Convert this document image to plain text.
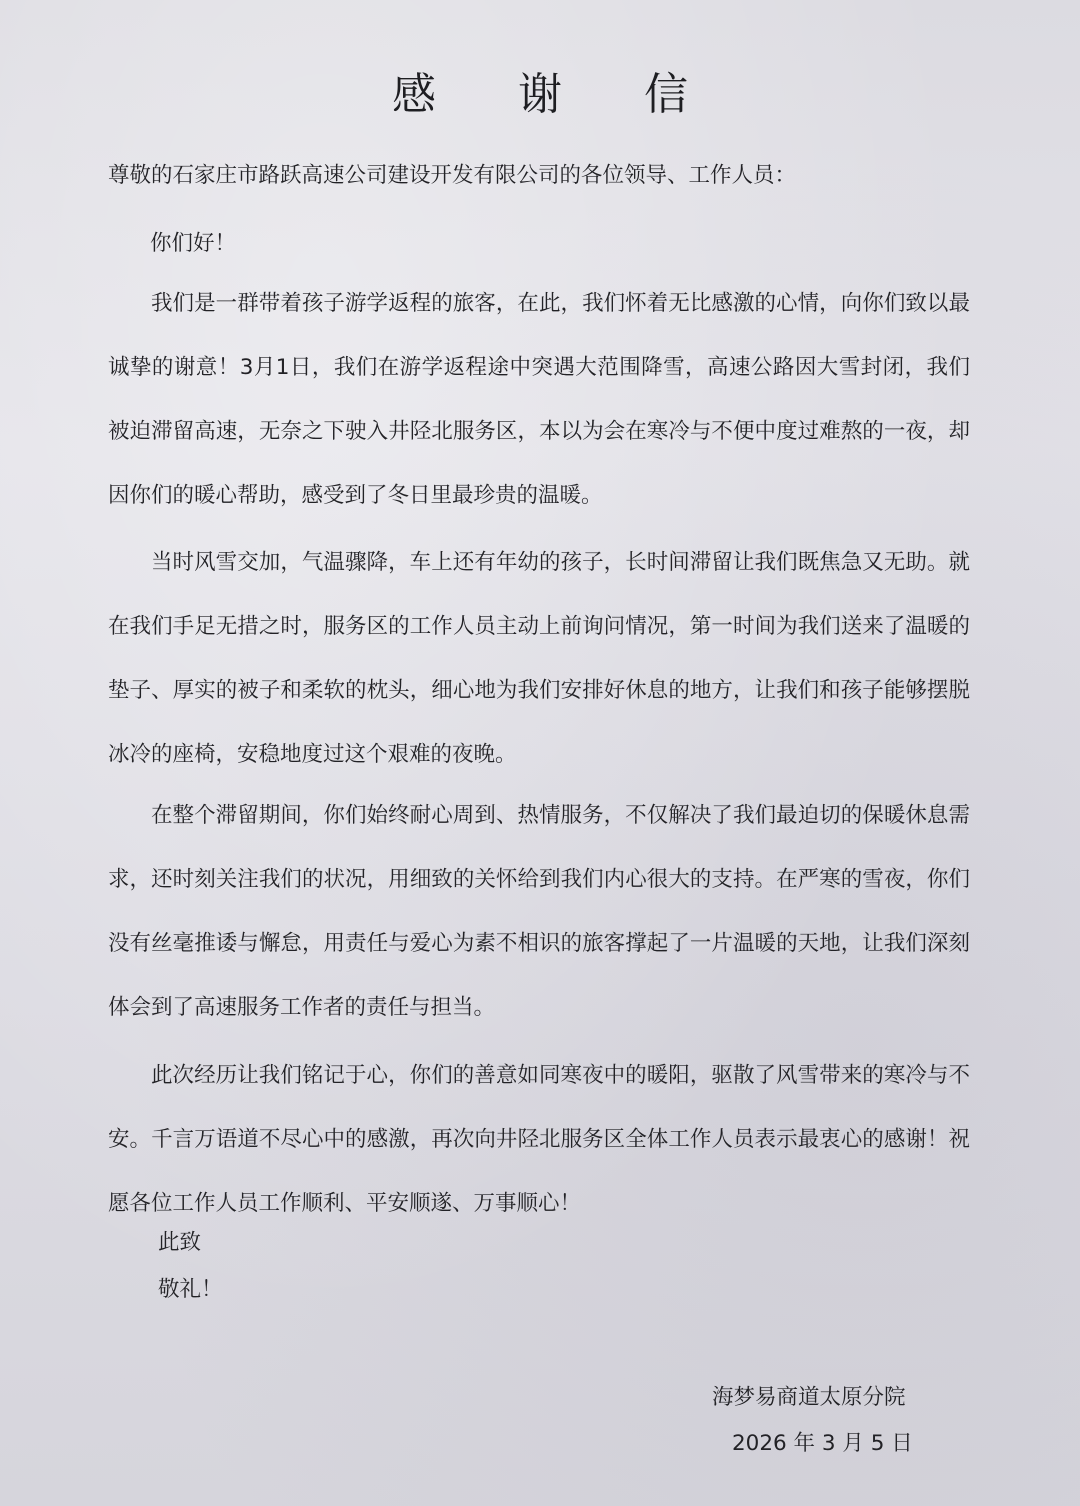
感 谢 信
尊敬的石家庄市路跃高速公司建设开发有限公司的各位领导、工作人员：
你们好！

我们是一群带着孩子游学返程的旅客，在此，我们怀着无比感激的心情，向你们致以最诚挚的谢意！3月1日，我们在游学返程途中突遇大范围降雪，高速公路因大雪封闭，我们被迫滞留高速，无奈之下驶入井陉北服务区，本以为会在寒冷与不便中度过难熬的一夜，却因你们的暖心帮助，感受到了冬日里最珍贵的温暖。

当时风雪交加，气温骤降，车上还有年幼的孩子，长时间滞留让我们既焦急又无助。就在我们手足无措之时，服务区的工作人员主动上前询问情况，第一时间为我们送来了温暖的垫子、厚实的被子和柔软的枕头，细心地为我们安排好休息的地方，让我们和孩子能够摆脱冰冷的座椅，安稳地度过这个艰难的夜晚。

在整个滞留期间，你们始终耐心周到、热情服务，不仅解决了我们最迫切的保暖休息需求，还时刻关注我们的状况，用细致的关怀给到我们内心很大的支持。在严寒的雪夜，你们没有丝毫推诿与懈怠，用责任与爱心为素不相识的旅客撑起了一片温暖的天地，让我们深刻体会到了高速服务工作者的责任与担当。

此次经历让我们铭记于心，你们的善意如同寒夜中的暖阳，驱散了风雪带来的寒冷与不安。千言万语道不尽心中的感激，再次向井陉北服务区全体工作人员表示最衷心的感谢！祝愿各位工作人员工作顺利、平安顺遂、万事顺心！

此致
敬礼！
海梦易商道太原分院
2026 年 3 月 5 日
